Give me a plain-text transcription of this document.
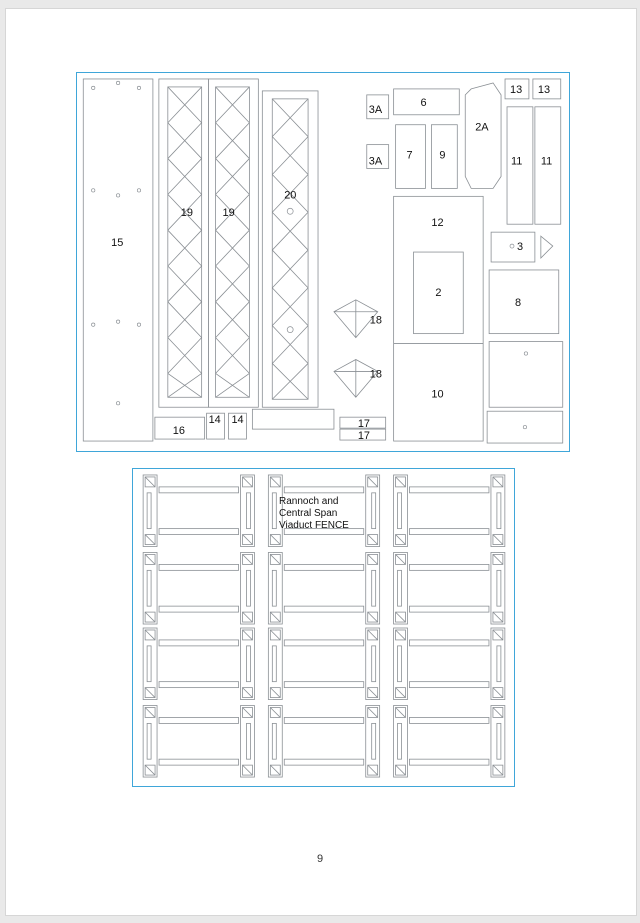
15
19	19
20
3A
3A
6
7 9
2A
13 13
11 11
12
3
2
8
18
18
10
16
14 14	17
17
Rannoch and
Central Span
Viaduct FENCE
9
